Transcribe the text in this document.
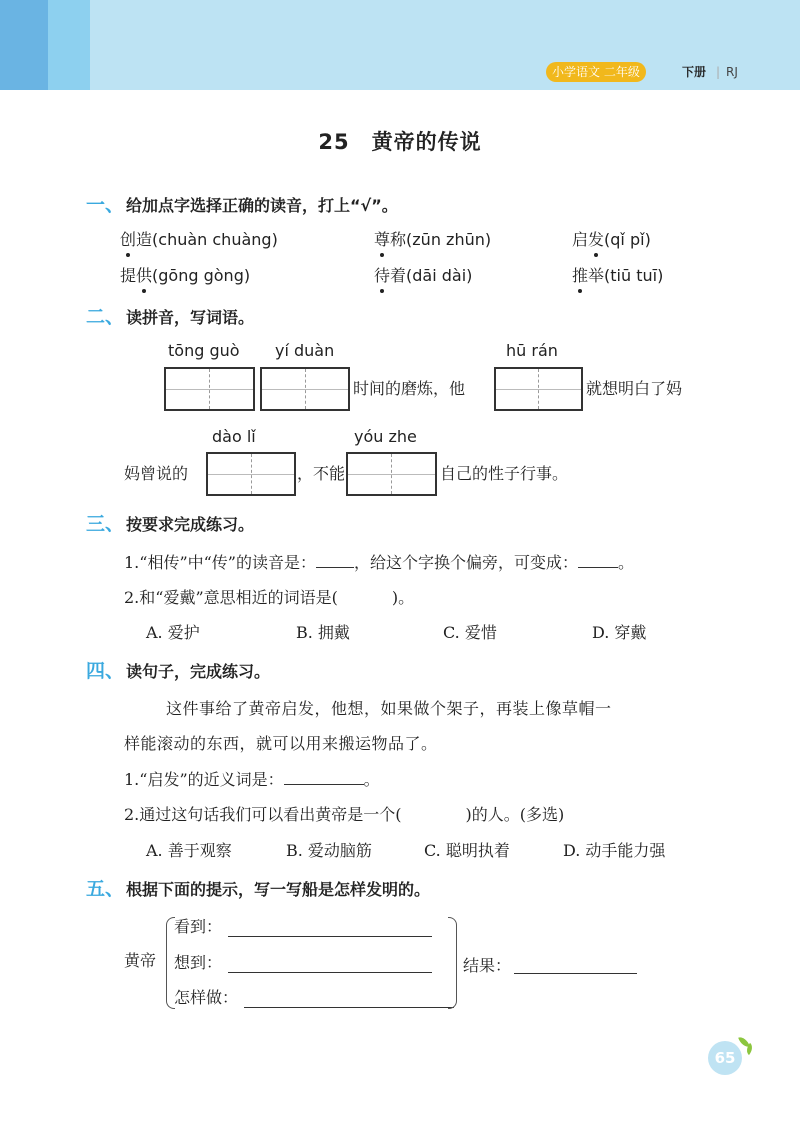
小学语文 二年级	下册 | RJ
25 黄帝的传说
一、 给加点字选择正确的读音，打上“√”。
创造(chuàn chuàng)	尊称(zūn zhūn)	启发(qǐ pǐ)
提供(gōng gòng)	待着(dāi dài)	推举(tiū tuī)
二、 读拼音，写词语。
tōng guò yí duàn	hū rán
时间的磨炼，他	就想明白了妈
dào lǐ	yóu zhe
妈曾说的	，不能	自己的性子行事。
三、 按要求完成练习。
1.“相传”中“传”的读音是： ，给这个字换个偏旁，可变成：	。
2.和“爱戴”意思相近的词语是(	)。
A. 爱护	B. 拥戴	C. 爱惜	D. 穿戴
四、 读句子，完成练习。
这件事给了黄帝启发，他想，如果做个架子，再装上像草帽一
样能滚动的东西，就可以用来搬运物品了。
1.“启发”的近义词是：	。
2.通过这句话我们可以看出黄帝是一个(	)的人。(多选)
A. 善于观察	B. 爱动脑筋	C. 聪明执着	D. 动手能力强
五、 根据下面的提示，写一写船是怎样发明的。
黄帝
看到：
想到：
怎样做：
结果：
65
